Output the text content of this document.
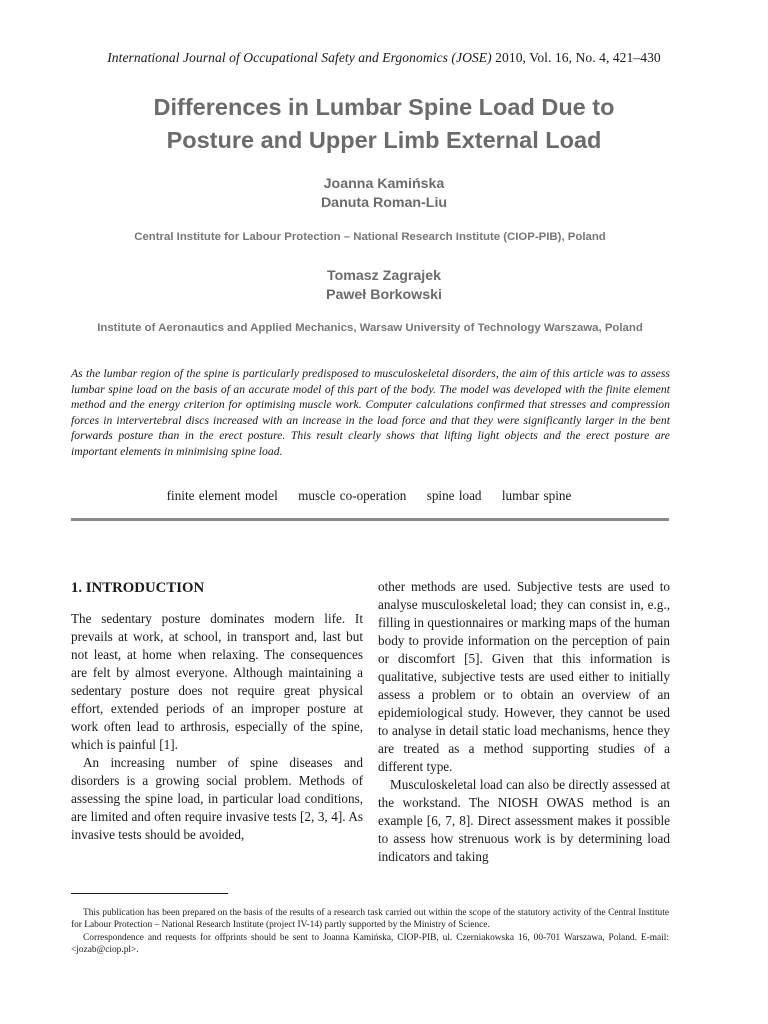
International Journal of Occupational Safety and Ergonomics (JOSE) 2010, Vol. 16, No. 4, 421–430
Differences in Lumbar Spine Load Due to
Posture and Upper Limb External Load
Joanna Kamińska
Danuta Roman-Liu
Central Institute for Labour Protection – National Research Institute (CIOP-PIB), Poland
Tomasz Zagrajek
Paweł Borkowski
Institute of Aeronautics and Applied Mechanics, Warsaw University of Technology Warszawa, Poland
As the lumbar region of the spine is particularly predisposed to musculoskeletal disorders, the aim of this article was to assess lumbar spine load on the basis of an accurate model of this part of the body. The model was developed with the finite element method and the energy criterion for optimising muscle work. Computer calculations confirmed that stresses and compression forces in intervertebral discs increased with an increase in the load force and that they were significantly larger in the bent forwards posture than in the erect posture. This result clearly shows that lifting light objects and the erect posture are important elements in minimising spine load.
finite element model muscle co-operation spine load lumbar spine

1. INTRODUCTION

The sedentary posture dominates modern life. It prevails at work, at school, in transport and, last but not least, at home when relaxing. The consequences are felt by almost everyone. Although maintaining a sedentary posture does not require great physical effort, extended periods of an improper posture at work often lead to arthrosis, especially of the spine, which is painful [1].

An increasing number of spine diseases and disorders is a growing social problem. Methods of assessing the spine load, in particular load conditions, are limited and often require invasive tests [2, 3, 4]. As invasive tests should be avoided,

other methods are used. Subjective tests are used to analyse musculoskeletal load; they can consist in, e.g., filling in questionnaires or marking maps of the human body to provide information on the perception of pain or discomfort [5]. Given that this information is qualitative, subjective tests are used either to initially assess a problem or to obtain an overview of an epidemiological study. However, they cannot be used to analyse in detail static load mechanisms, hence they are treated as a method supporting studies of a different type.

Musculoskeletal load can also be directly assessed at the workstand. The NIOSH OWAS method is an example [6, 7, 8]. Direct assessment makes it possible to assess how strenuous work is by determining load indicators and taking

This publication has been prepared on the basis of the results of a research task carried out within the scope of the statutory activity of the Central Institute for Labour Protection – National Research Institute (project IV-14) partly supported by the Ministry of Science.

Correspondence and requests for offprints should be sent to Joanna Kamińska, CIOP-PIB, ul. Czerniakowska 16, 00-701 Warszawa, Poland. E-mail: <jozab@ciop.pl>.
